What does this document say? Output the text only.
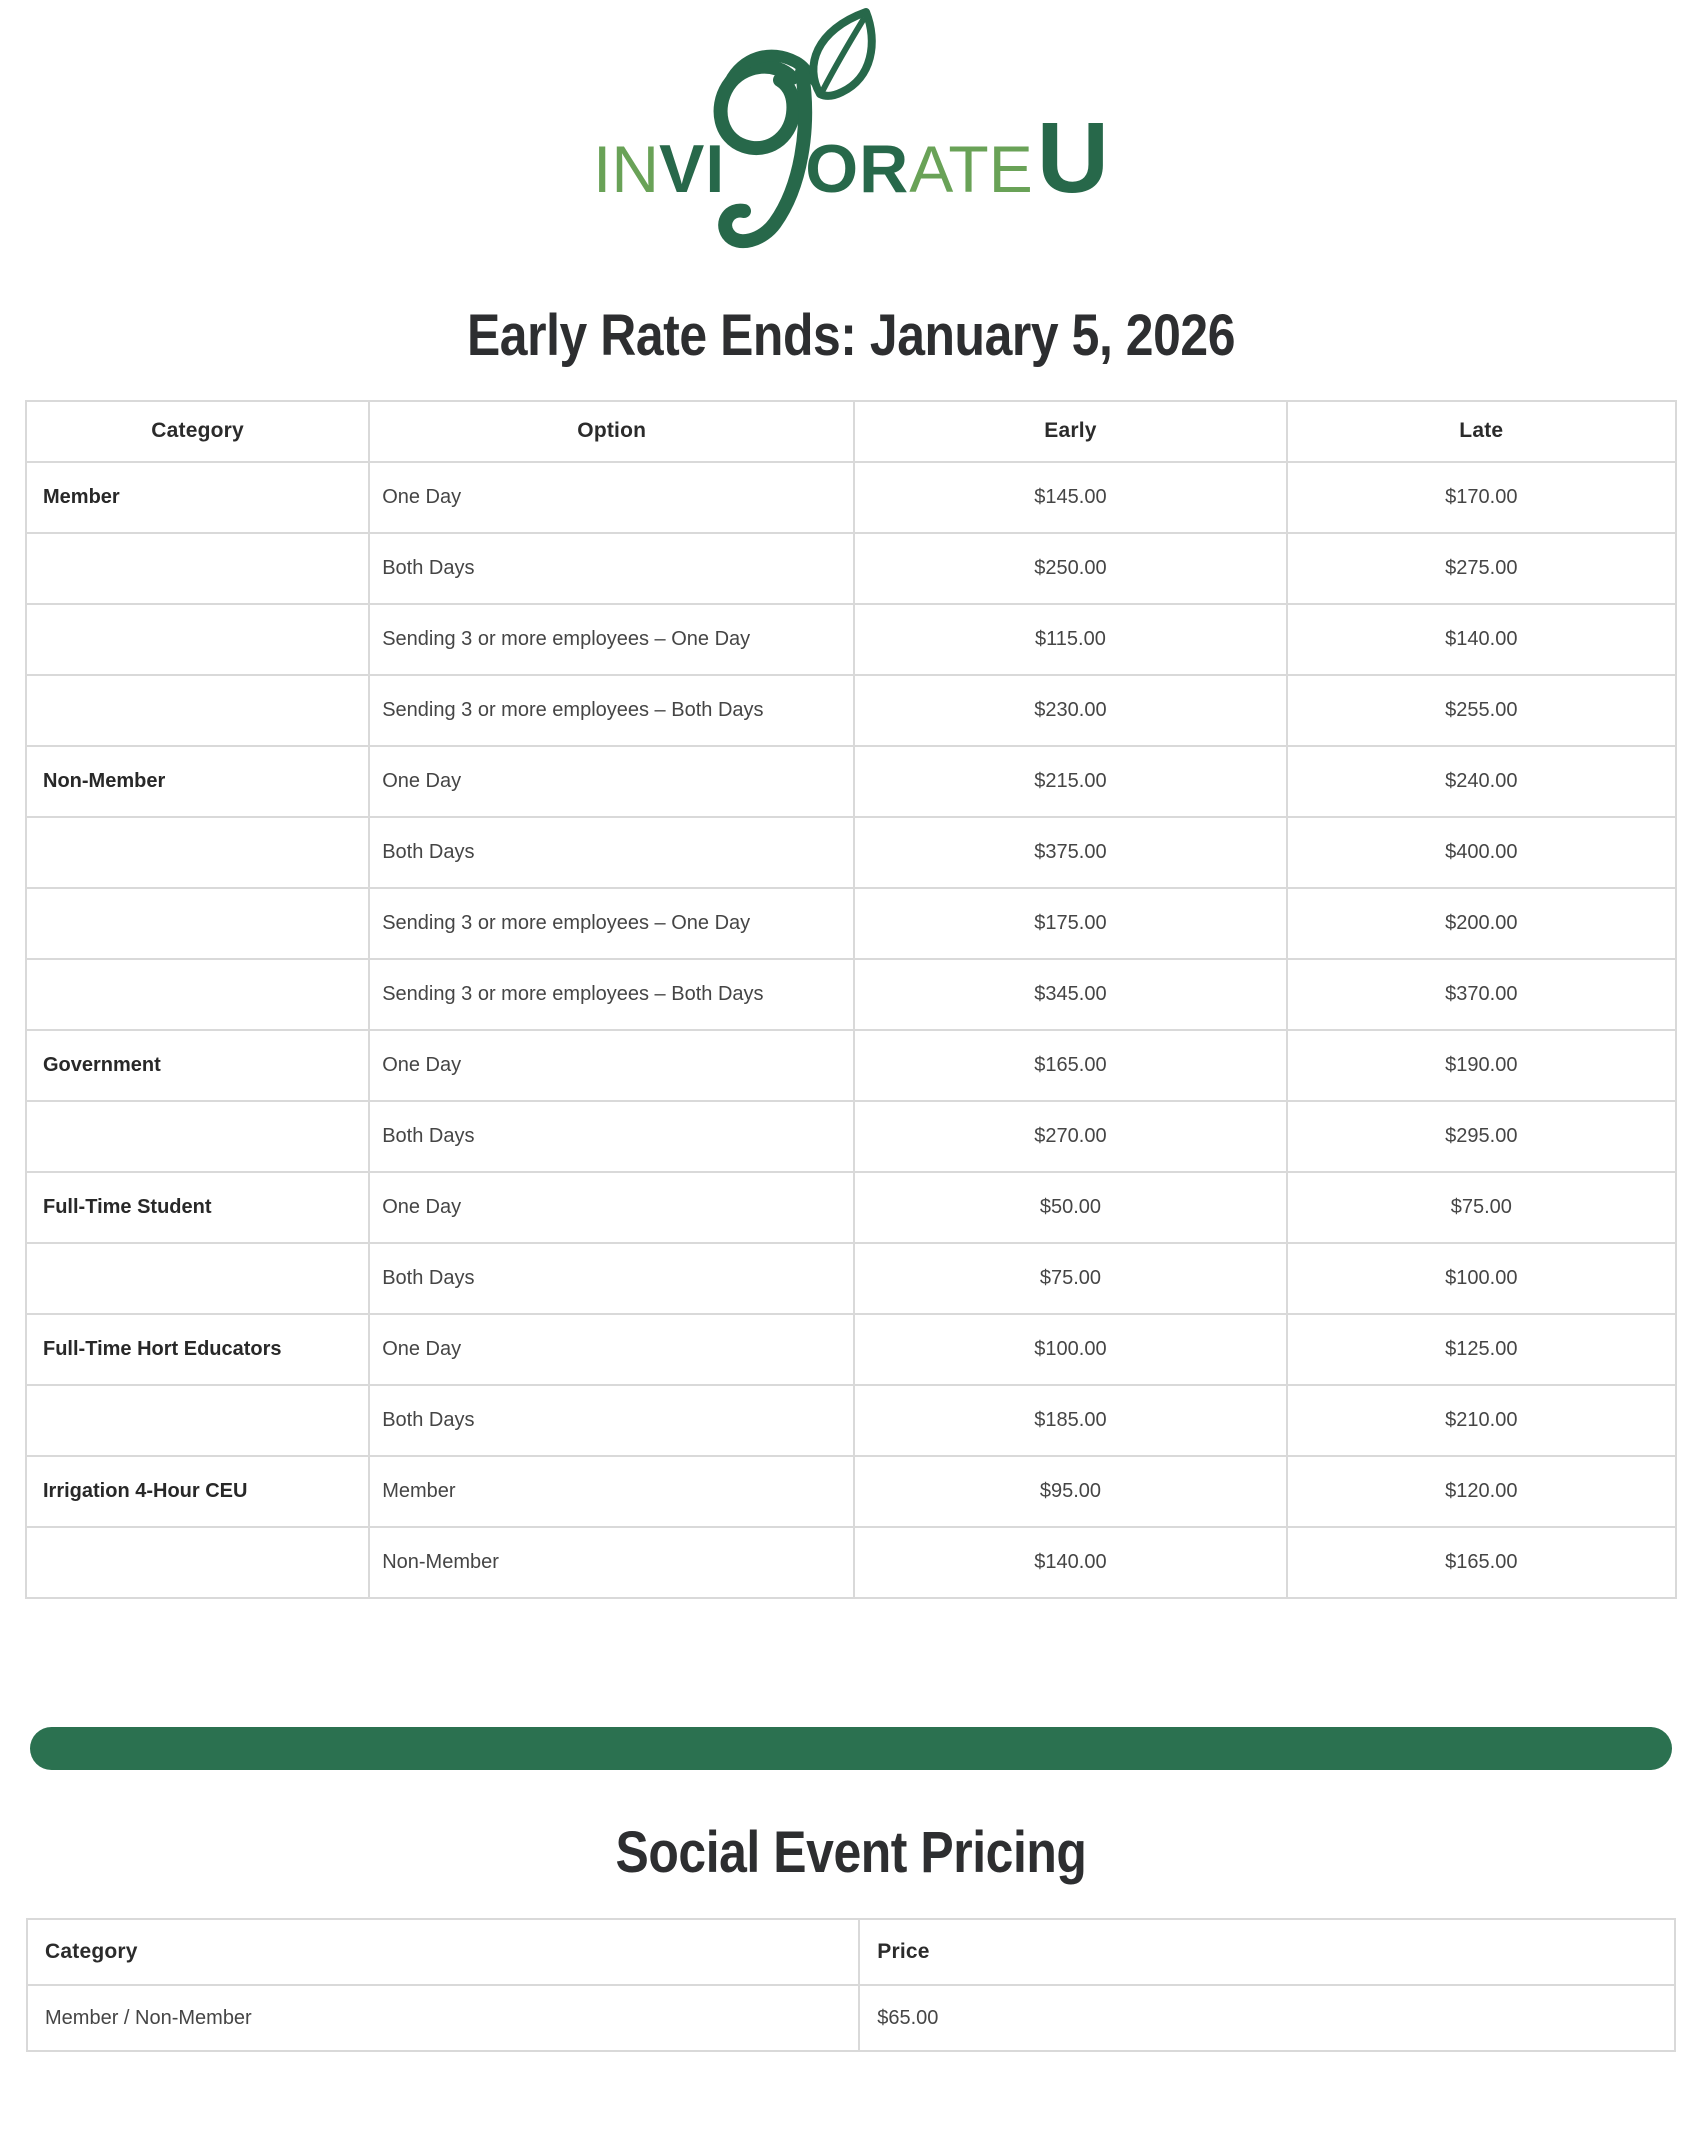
IN VI OR ATE U
Early Rate Ends: January 5, 2026
Category	Option	Early	Late
Member	One Day	$145.00	$170.00
	Both Days	$250.00	$275.00
	Sending 3 or more employees – One Day	$115.00	$140.00
	Sending 3 or more employees – Both Days	$230.00	$255.00
Non-Member	One Day	$215.00	$240.00
	Both Days	$375.00	$400.00
	Sending 3 or more employees – One Day	$175.00	$200.00
	Sending 3 or more employees – Both Days	$345.00	$370.00
Government	One Day	$165.00	$190.00
	Both Days	$270.00	$295.00
Full-Time Student	One Day	$50.00	$75.00
	Both Days	$75.00	$100.00
Full-Time Hort Educators	One Day	$100.00	$125.00
	Both Days	$185.00	$210.00
Irrigation 4-Hour CEU	Member	$95.00	$120.00
	Non-Member	$140.00	$165.00
Social Event Pricing
Category	Price
Member / Non-Member	$65.00
